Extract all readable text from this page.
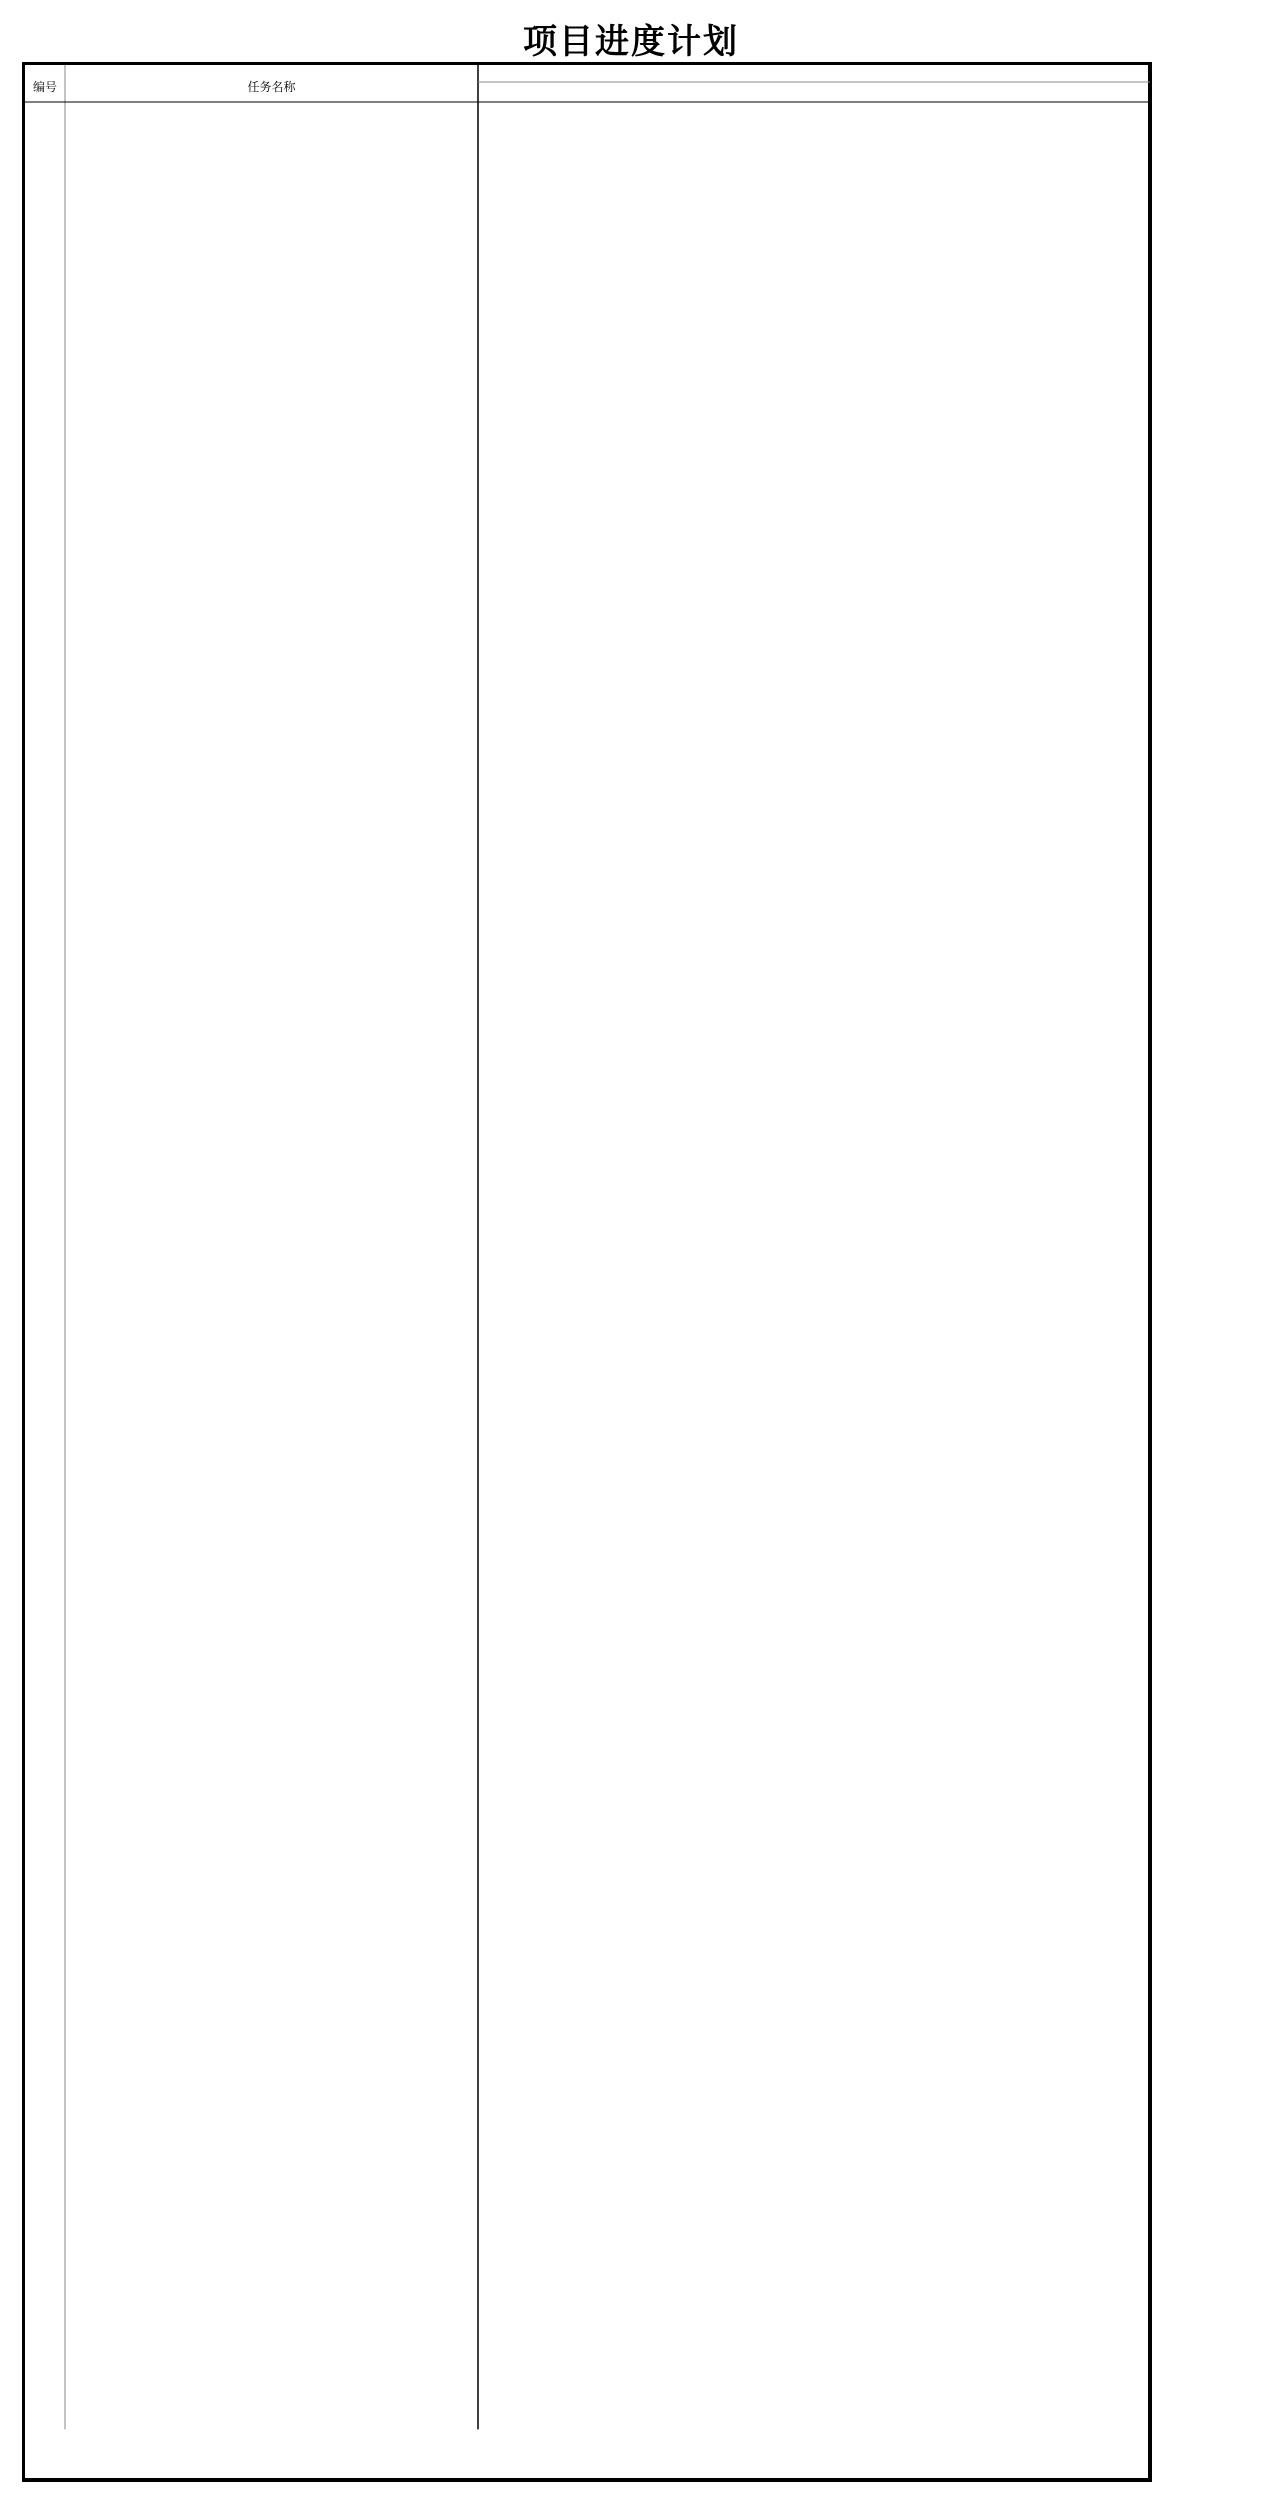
项目进度计划
编号	任务名称
